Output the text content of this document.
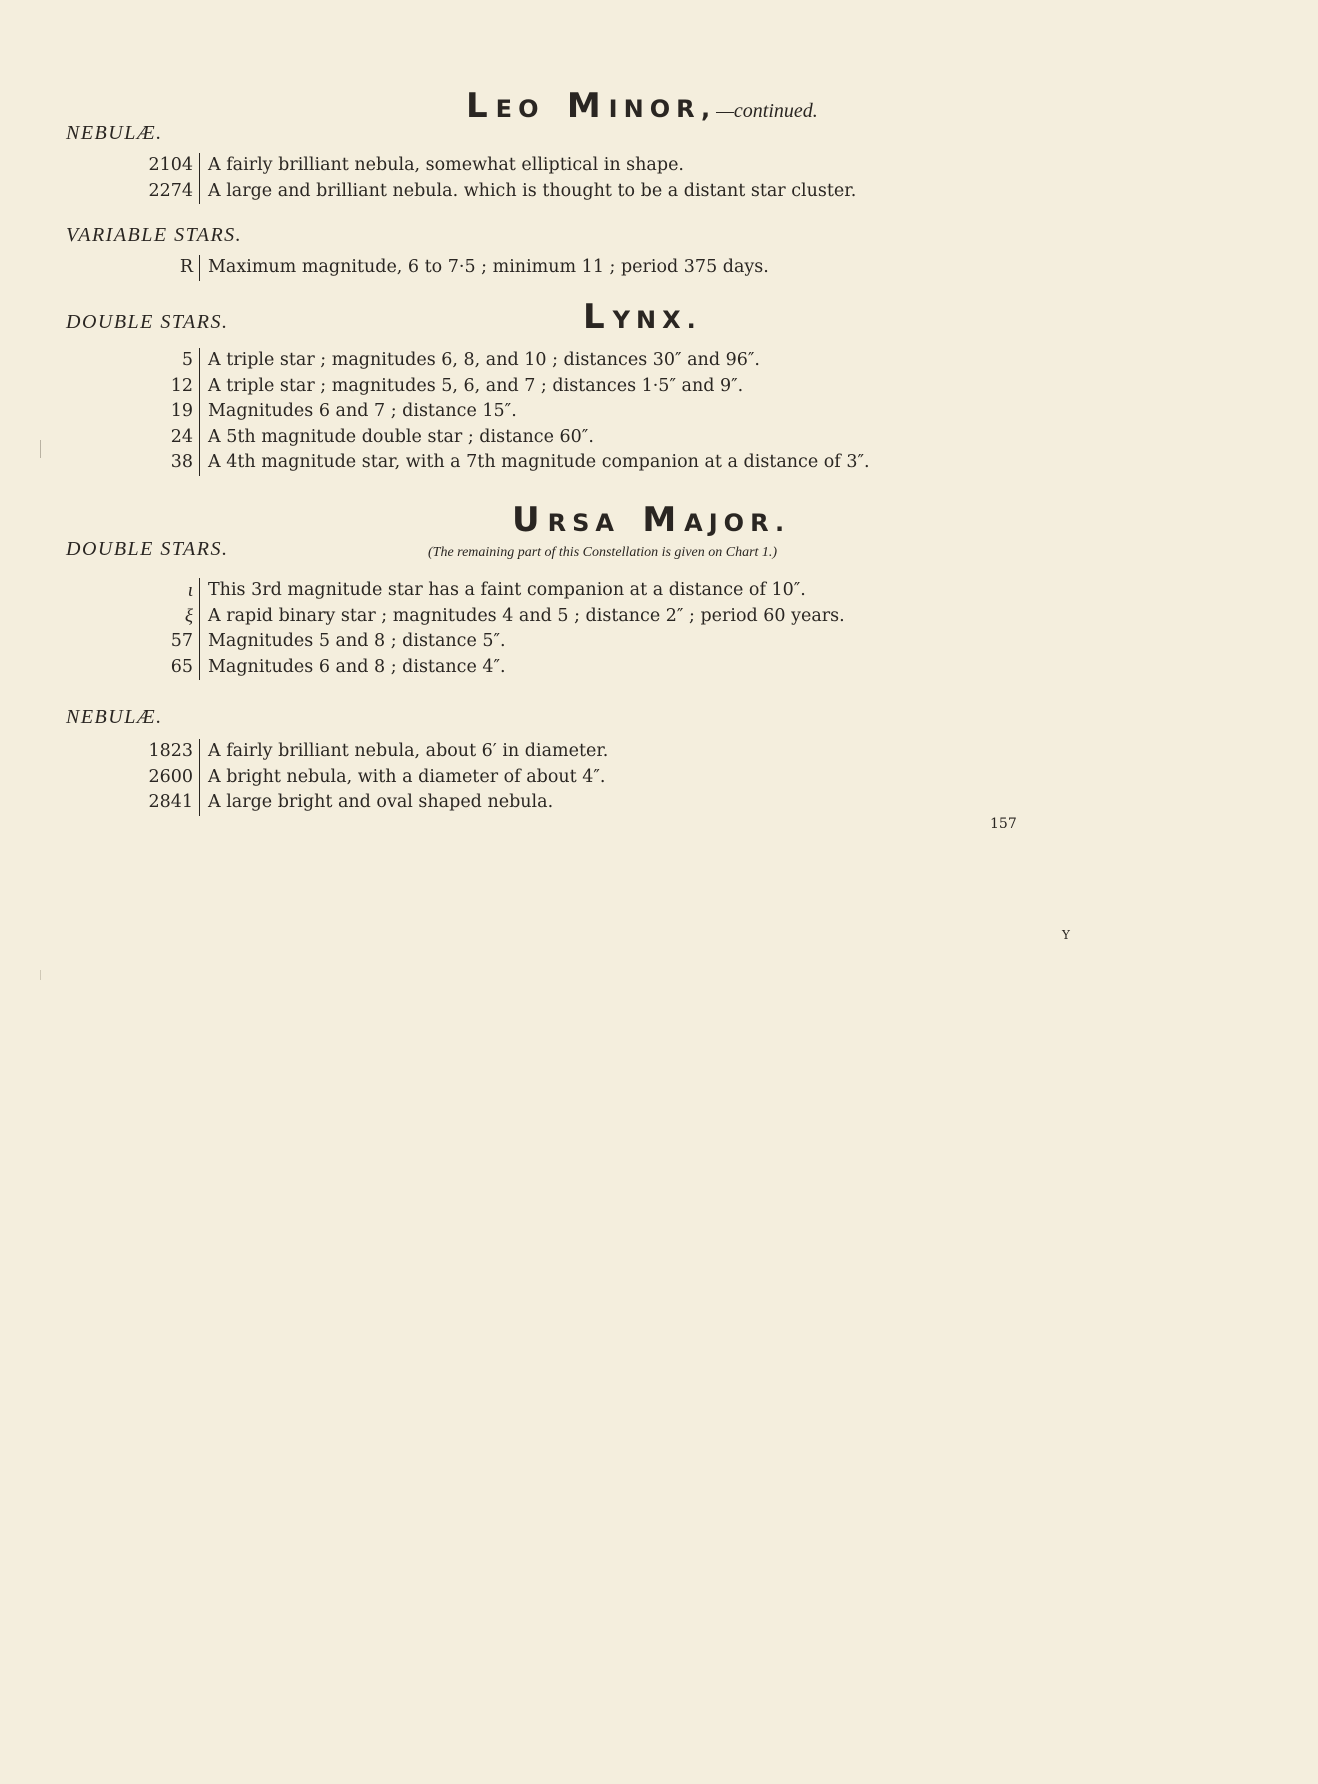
LEO MINOR,—continued.
NEBULÆ.
2104 A fairly brilliant nebula, somewhat elliptical in shape.
2274 A large and brilliant nebula. which is thought to be a distant star cluster.
VARIABLE STARS.
R Maximum magnitude, 6 to 7·5 ; minimum 11 ; period 375 days.
DOUBLE STARS.	LYNX.
5 A triple star ; magnitudes 6, 8, and 10 ; distances 30″ and 96″.
12 A triple star ; magnitudes 5, 6, and 7 ; distances 1·5″ and 9″.
19 Magnitudes 6 and 7 ; distance 15″.
24 A 5th magnitude double star ; distance 60″.
38 A 4th magnitude star, with a 7th magnitude companion at a distance of 3″.
URSA MAJOR.
DOUBLE STARS.	(The remaining part of this Constellation is given on Chart 1.)
ι This 3rd magnitude star has a faint companion at a distance of 10″.
ξ A rapid binary star ; magnitudes 4 and 5 ; distance 2″ ; period 60 years.
57 Magnitudes 5 and 8 ; distance 5″.
65 Magnitudes 6 and 8 ; distance 4″.
NEBULÆ.
1823 A fairly brilliant nebula, about 6′ in diameter.
2600 A bright nebula, with a diameter of about 4″.
2841 A large bright and oval shaped nebula.
157
Y
